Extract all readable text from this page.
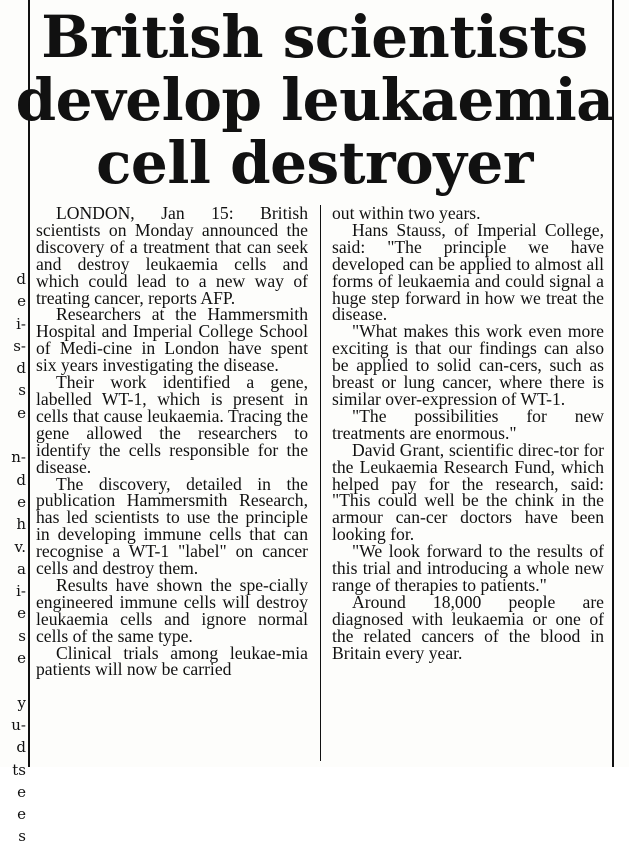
d
e
i-
s-
d
s
e
n-
d
e
h
v.
a
i-
e
s
e
y
u-
d
ts
e
e
s
British scientists
develop leukaemia
cell destroyer

LONDON, Jan 15: British scientists on Monday announced the discovery of a treatment that can seek and destroy leukaemia cells and which could lead to a new way of treating cancer, reports AFP.

Researchers at the Hammersmith Hospital and Imperial College School of Medi-cine in London have spent six years investigating the disease.

Their work identified a gene, labelled WT-1, which is present in cells that cause leukaemia. Tracing the gene allowed the researchers to identify the cells responsible for the disease.

The discovery, detailed in the publication Hammersmith Research, has led scientists to use the principle in developing immune cells that can recognise a WT-1 "label" on cancer cells and destroy them.

Results have shown the spe-cially engineered immune cells will destroy leukaemia cells and ignore normal cells of the same type.

Clinical trials among leukae-mia patients will now be carried

out within two years.

Hans Stauss, of Imperial College, said: "The principle we have developed can be applied to almost all forms of leukaemia and could signal a huge step forward in how we treat the disease.

"What makes this work even more exciting is that our findings can also be applied to solid can-cers, such as breast or lung cancer, where there is similar over-expression of WT-1.

"The possibilities for new treatments are enormous."

David Grant, scientific direc-tor for the Leukaemia Research Fund, which helped pay for the research, said: "This could well be the chink in the armour can-cer doctors have been looking for.

"We look forward to the results of this trial and introducing a whole new range of therapies to patients."

Around 18,000 people are diagnosed with leukaemia or one of the related cancers of the blood in Britain every year.
